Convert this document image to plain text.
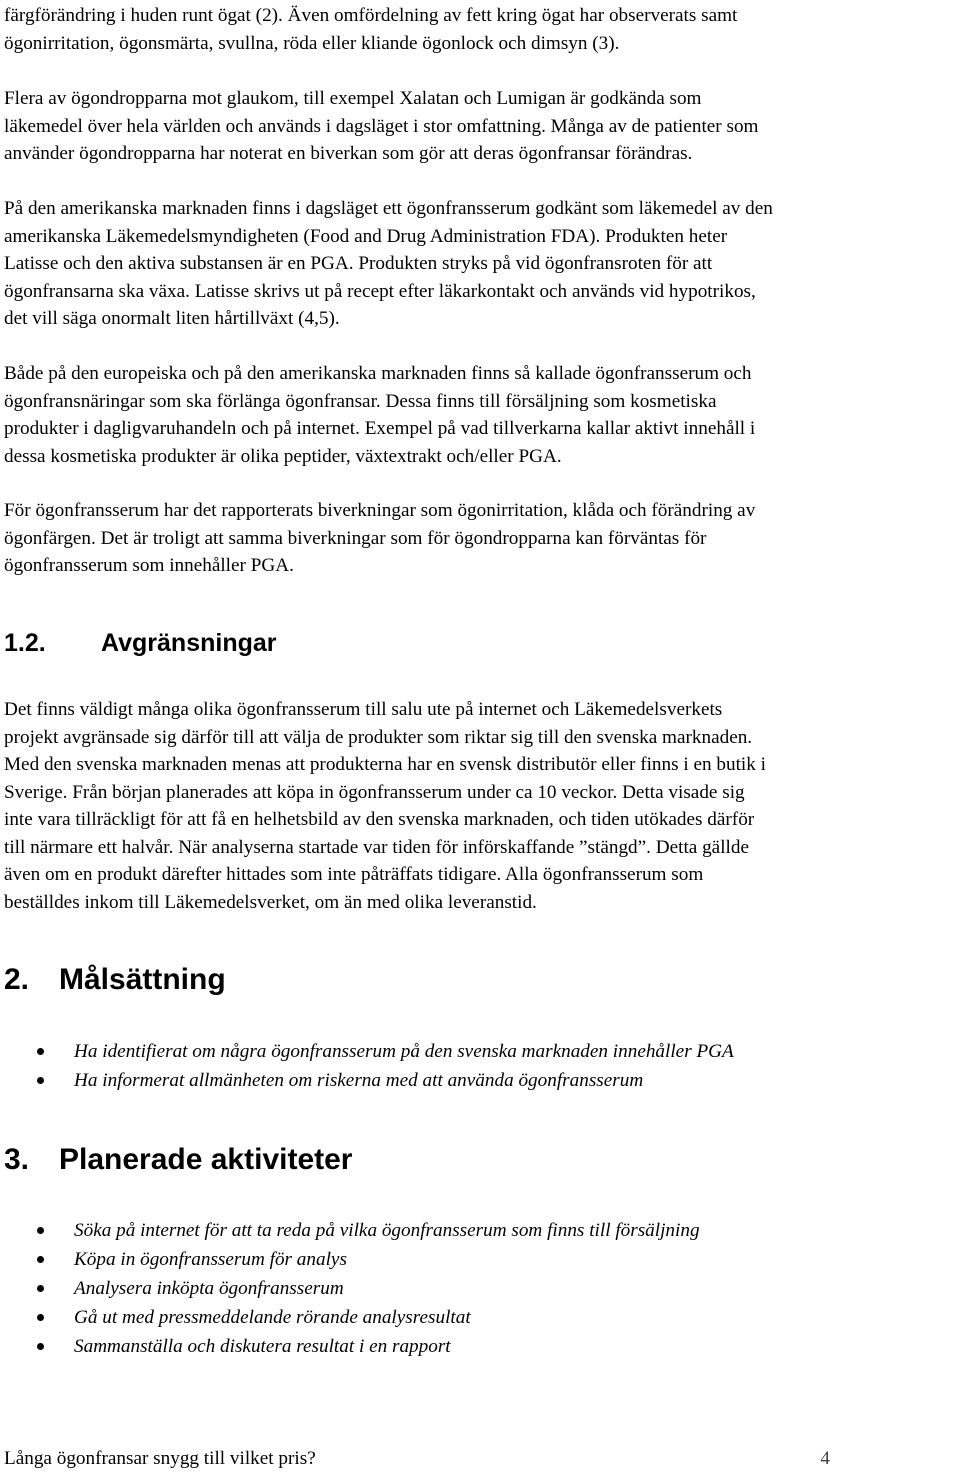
färgförändring i huden runt ögat (2). Även omfördelning av fett kring ögat har observerats samt
ögonirritation, ögonsmärta, svullna, röda eller kliande ögonlock och dimsyn (3).

Flera av ögondropparna mot glaukom, till exempel Xalatan och Lumigan är godkända som
läkemedel över hela världen och används i dagsläget i stor omfattning. Många av de patienter som
använder ögondropparna har noterat en biverkan som gör att deras ögonfransar förändras.

På den amerikanska marknaden finns i dagsläget ett ögonfransserum godkänt som läkemedel av den
amerikanska Läkemedelsmyndigheten (Food and Drug Administration FDA). Produkten heter
Latisse och den aktiva substansen är en PGA. Produkten stryks på vid ögonfransroten för att
ögonfransarna ska växa. Latisse skrivs ut på recept efter läkarkontakt och används vid hypotrikos,
det vill säga onormalt liten hårtillväxt (4,5).

Både på den europeiska och på den amerikanska marknaden finns så kallade ögonfransserum och
ögonfransnäringar som ska förlänga ögonfransar. Dessa finns till försäljning som kosmetiska
produkter i dagligvaruhandeln och på internet. Exempel på vad tillverkarna kallar aktivt innehåll i
dessa kosmetiska produkter är olika peptider, växtextrakt och/eller PGA.

För ögonfransserum har det rapporterats biverkningar som ögonirritation, klåda och förändring av
ögonfärgen. Det är troligt att samma biverkningar som för ögondropparna kan förväntas för
ögonfransserum som innehåller PGA.

1.2. Avgränsningar

Det finns väldigt många olika ögonfransserum till salu ute på internet och Läkemedelsverkets
projekt avgränsade sig därför till att välja de produkter som riktar sig till den svenska marknaden.
Med den svenska marknaden menas att produkterna har en svensk distributör eller finns i en butik i
Sverige. Från början planerades att köpa in ögonfransserum under ca 10 veckor. Detta visade sig
inte vara tillräckligt för att få en helhetsbild av den svenska marknaden, och tiden utökades därför
till närmare ett halvår. När analyserna startade var tiden för införskaffande ”stängd”. Detta gällde
även om en produkt därefter hittades som inte påträffats tidigare. Alla ögonfransserum som
beställdes inkom till Läkemedelsverket, om än med olika leveranstid.

2. Målsättning
Ha identifierat om några ögonfransserum på den svenska marknaden innehåller PGA
Ha informerat allmänheten om riskerna med att använda ögonfransserum
3. Planerade aktiviteter
Söka på internet för att ta reda på vilka ögonfransserum som finns till försäljning
Köpa in ögonfransserum för analys
Analysera inköpta ögonfransserum
Gå ut med pressmeddelande rörande analysresultat
Sammanställa och diskutera resultat i en rapport
Långa ögonfransar snygg till vilket pris?	4
